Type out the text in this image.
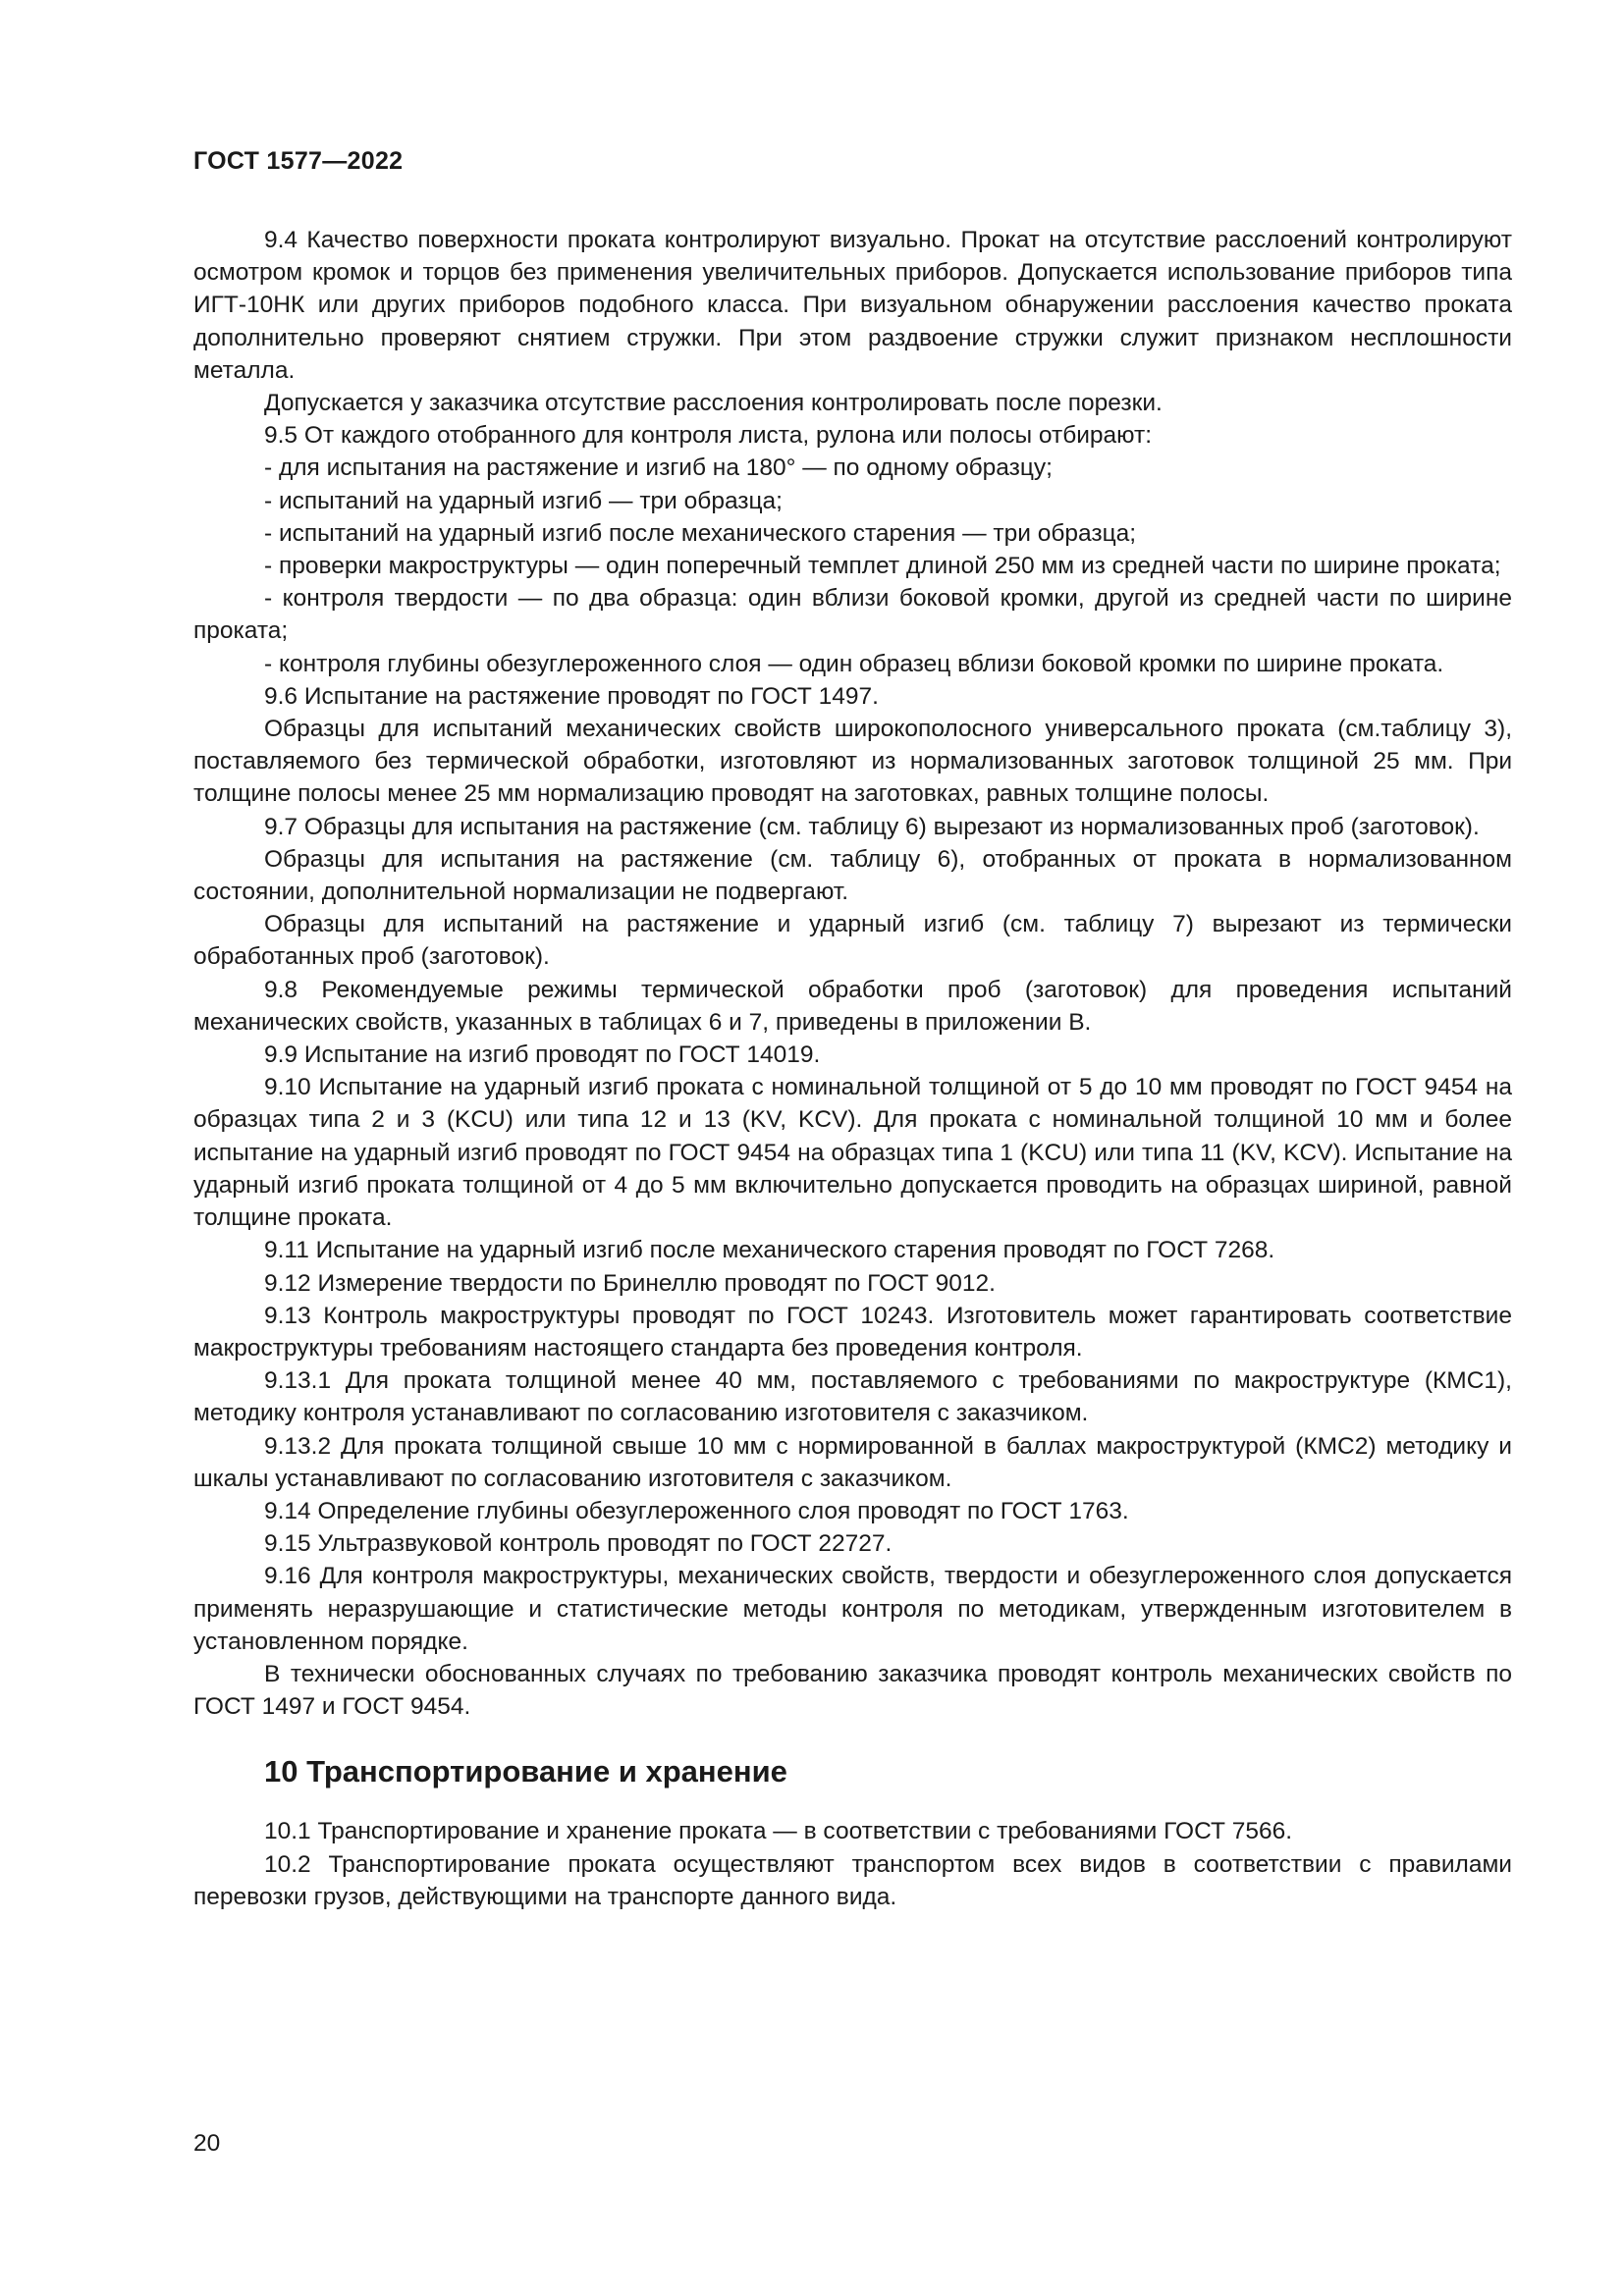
ГОСТ 1577—2022

9.4 Качество поверхности проката контролируют визуально. Прокат на отсутствие расслоений контролируют осмотром кромок и торцов без применения увеличительных приборов. Допускается использование приборов типа ИГТ-10НК или других приборов подобного класса. При визуальном обнаружении расслоения качество проката дополнительно проверяют снятием стружки. При этом раздвоение стружки служит признаком несплошности металла.

Допускается у заказчика отсутствие расслоения контролировать после порезки.

9.5 От каждого отобранного для контроля листа, рулона или полосы отбирают:

- для испытания на растяжение и изгиб на 180° — по одному образцу;

- испытаний на ударный изгиб — три образца;

- испытаний на ударный изгиб после механического старения — три образца;

- проверки макроструктуры — один поперечный темплет длиной 250 мм из средней части по ширине проката;

- контроля твердости — по два образца: один вблизи боковой кромки, другой из средней части по ширине проката;

- контроля глубины обезуглероженного слоя — один образец вблизи боковой кромки по ширине проката.

9.6 Испытание на растяжение проводят по ГОСТ 1497.

Образцы для испытаний механических свойств широкополосного универсального проката (см.таблицу 3), поставляемого без термической обработки, изготовляют из нормализованных заготовок толщиной 25 мм. При толщине полосы менее 25 мм нормализацию проводят на заготовках, равных толщине полосы.

9.7 Образцы для испытания на растяжение (см. таблицу 6) вырезают из нормализованных проб (заготовок).

Образцы для испытания на растяжение (см. таблицу 6), отобранных от проката в нормализованном состоянии, дополнительной нормализации не подвергают.

Образцы для испытаний на растяжение и ударный изгиб (см. таблицу 7) вырезают из термически обработанных проб (заготовок).

9.8 Рекомендуемые режимы термической обработки проб (заготовок) для проведения испытаний механических свойств, указанных в таблицах 6 и 7, приведены в приложении В.

9.9 Испытание на изгиб проводят по ГОСТ 14019.

9.10 Испытание на ударный изгиб проката с номинальной толщиной от 5 до 10 мм проводят по ГОСТ 9454 на образцах типа 2 и 3 (KCU) или типа 12 и 13 (KV, KCV). Для проката с номинальной толщиной 10 мм и более испытание на ударный изгиб проводят по ГОСТ 9454 на образцах типа 1 (KCU) или типа 11 (KV, KCV). Испытание на ударный изгиб проката толщиной от 4 до 5 мм включительно допускается проводить на образцах шириной, равной толщине проката.

9.11 Испытание на ударный изгиб после механического старения проводят по ГОСТ 7268.

9.12 Измерение твердости по Бринеллю проводят по ГОСТ 9012.

9.13 Контроль макроструктуры проводят по ГОСТ 10243. Изготовитель может гарантировать соответствие макроструктуры требованиям настоящего стандарта без проведения контроля.

9.13.1 Для проката толщиной менее 40 мм, поставляемого с требованиями по макроструктуре (КМС1), методику контроля устанавливают по согласованию изготовителя с заказчиком.

9.13.2 Для проката толщиной свыше 10 мм с нормированной в баллах макроструктурой (КМС2) методику и шкалы устанавливают по согласованию изготовителя с заказчиком.

9.14 Определение глубины обезуглероженного слоя проводят по ГОСТ 1763.

9.15 Ультразвуковой контроль проводят по ГОСТ 22727.

9.16 Для контроля макроструктуры, механических свойств, твердости и обезуглероженного слоя допускается применять неразрушающие и статистические методы контроля по методикам, утвержденным изготовителем в установленном порядке.

В технически обоснованных случаях по требованию заказчика проводят контроль механических свойств по ГОСТ 1497 и ГОСТ 9454.

10 Транспортирование и хранение

10.1 Транспортирование и хранение проката — в соответствии с требованиями ГОСТ 7566.

10.2 Транспортирование проката осуществляют транспортом всех видов в соответствии с правилами перевозки грузов, действующими на транспорте данного вида.

20
